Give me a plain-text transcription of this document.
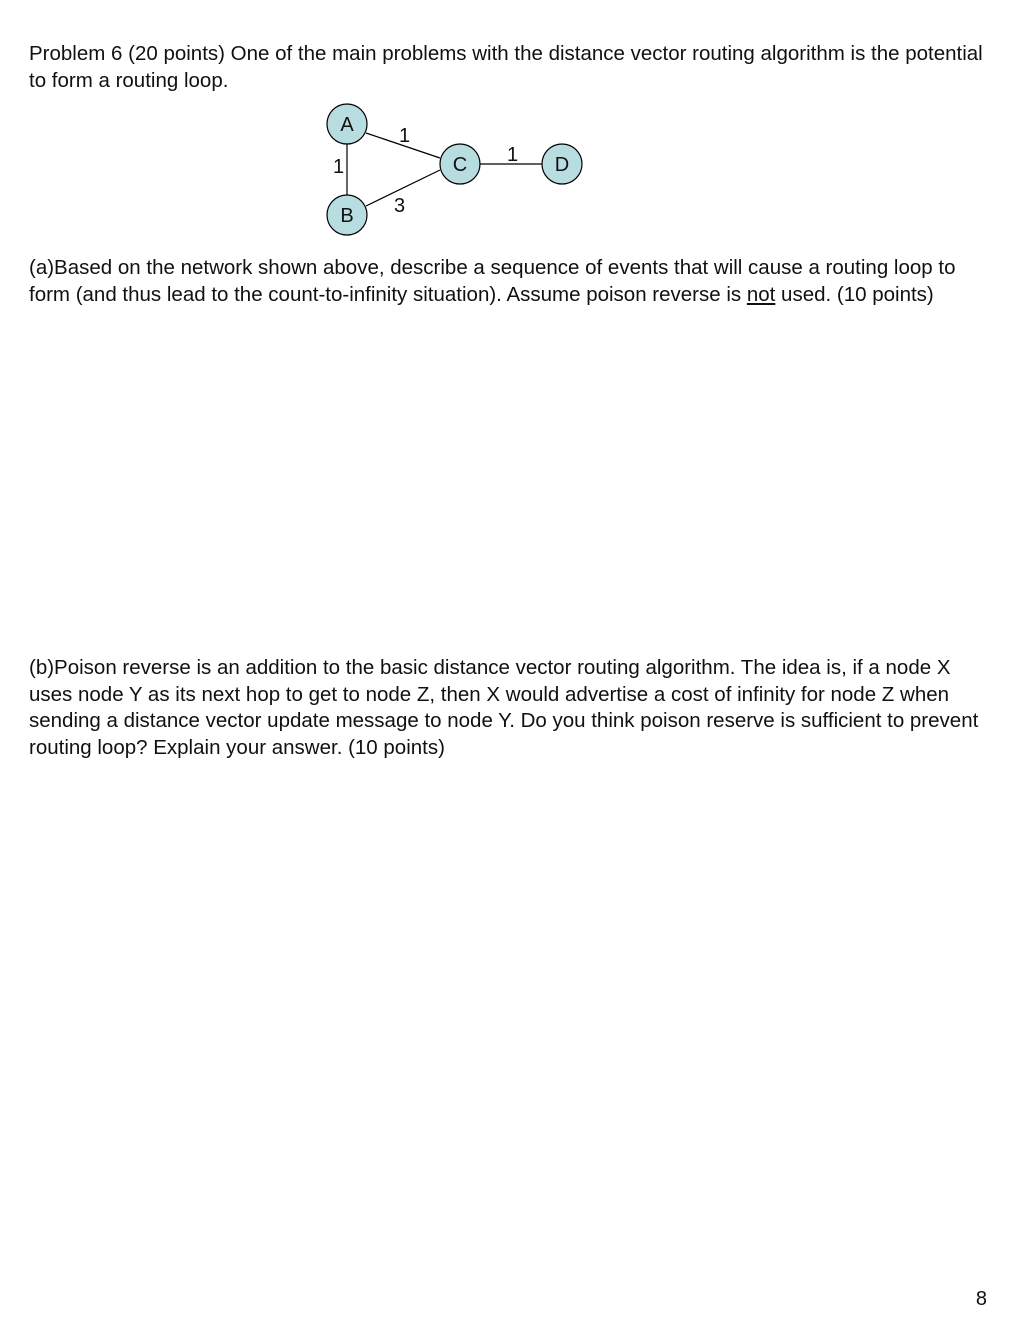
Problem 6 (20 points) One of the main problems with the distance vector routing algorithm is the potential to form a routing loop.

1
1
3
1
A
B
C	D

(a)Based on the network shown above, describe a sequence of events that will cause a routing loop to form (and thus lead to the count-to-infinity situation). Assume poison reverse is not used. (10 points)

(b)Poison reverse is an addition to the basic distance vector routing algorithm. The idea is, if a node X uses node Y as its next hop to get to node Z, then X would advertise a cost of infinity for node Z when sending a distance vector update message to node Y. Do you think poison reserve is sufficient to prevent routing loop? Explain your answer. (10 points)

8
